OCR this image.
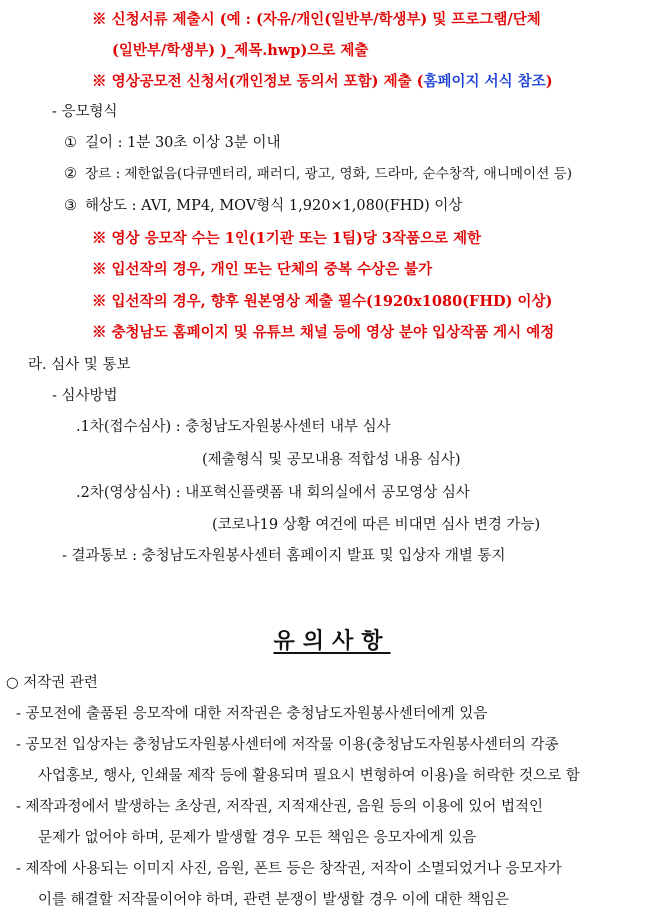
※ 신청서류 제출시 (예 : (자유/개인(일반부/학생부) 및 프로그램/단체
(일반부/학생부) )_제목.hwp)으로 제출
※ 영상공모전 신청서(개인정보 동의서 포함) 제출 (홈페이지 서식 참조)
- 응모형식
① 길이 : 1분 30초 이상 3분 이내
② 장르 : 제한없음(다큐멘터리, 패러디, 광고, 영화, 드라마, 순수창작, 애니메이션 등)
③ 해상도 : AVI, MP4, MOV형식 1,920×1,080(FHD) 이상
※ 영상 응모작 수는 1인(1기관 또는 1팀)당 3작품으로 제한
※ 입선작의 경우, 개인 또는 단체의 중복 수상은 불가
※ 입선작의 경우, 향후 원본영상 제출 필수(1920x1080(FHD) 이상)
※ 충청남도 홈페이지 및 유튜브 채널 등에 영상 분야 입상작품 게시 예정
라. 심사 및 통보
- 심사방법
.1차(접수심사) : 충청남도자원봉사센터 내부 심사
(제출형식 및 공모내용 적합성 내용 심사)
.2차(영상심사) : 내포혁신플랫폼 내 회의실에서 공모영상 심사
(코로나19 상황 여건에 따른 비대면 심사 변경 가능)
- 결과통보 : 충청남도자원봉사센터 홈페이지 발표 및 입상자 개별 통지
유의사항
○ 저작권 관련
- 공모전에 출품된 응모작에 대한 저작권은 충청남도자원봉사센터에게 있음
- 공모전 입상자는 충청남도자원봉사센터에 저작물 이용(충청남도자원봉사센터의 각종
사업홍보, 행사, 인쇄물 제작 등에 활용되며 필요시 변형하여 이용)을 허락한 것으로 함
- 제작과정에서 발생하는 초상권, 저작권, 지적재산권, 음원 등의 이용에 있어 법적인
문제가 없어야 하며, 문제가 발생할 경우 모든 책임은 응모자에게 있음
- 제작에 사용되는 이미지 사진, 음원, 폰트 등은 창작권, 저작이 소멸되었거나 응모자가
이를 해결할 저작물이어야 하며, 관련 분쟁이 발생할 경우 이에 대한 책임은
